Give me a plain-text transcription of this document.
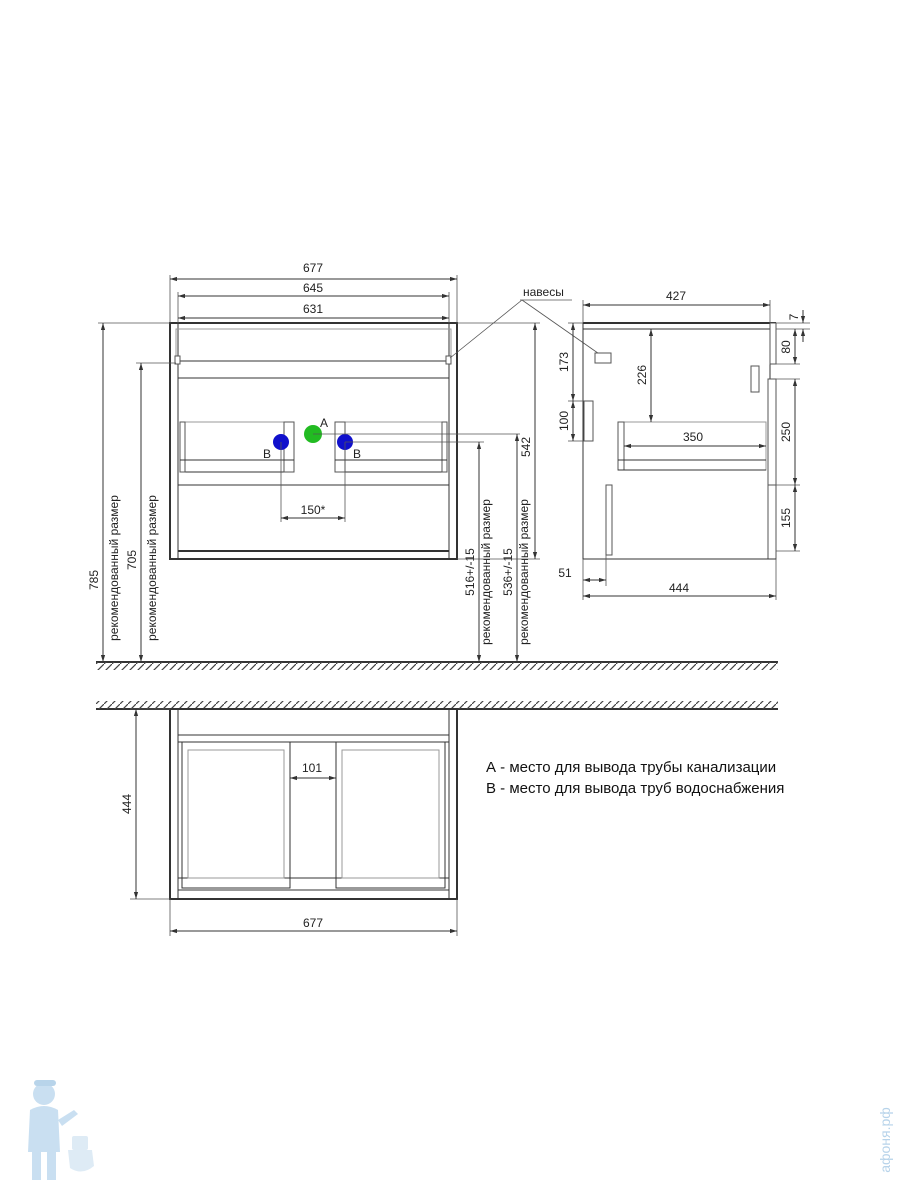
677
645
631
навесы
A
B	B
150*
785 рекомендованный размер 705 рекомендованный размер	516+/-15 рекомендованный размер 536+/-15 рекомендованный размер
542
427
7
80
250
155
173
100
226
350
51
444
101
444
677
А - место для вывода трубы канализации
В - место для вывода труб водоснабжения
афоня.рф
